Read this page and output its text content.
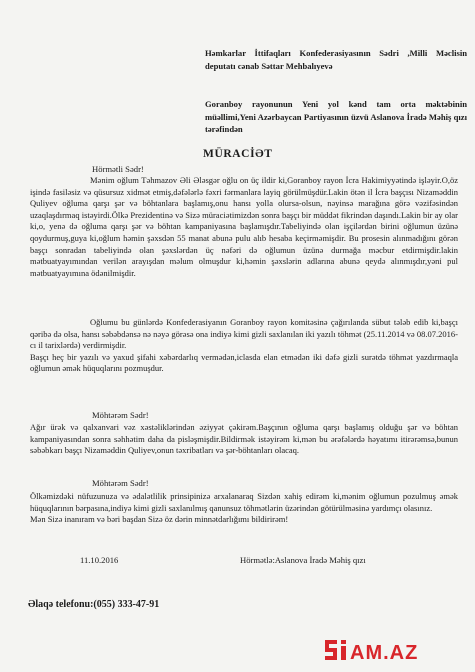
Həmkarlar İttifaqları Konfederasiyasının Sədri ,Milli Məclisin deputatı cənab Səttar Mehbalıyevə

Goranboy rayonunun Yeni yol kənd tam orta məktəbinin müəllimi,Yeni Azərbaycan Partiyasının üzvü Aslanova İradə Məhiş qızı tərəfindən

MÜRACİƏT
Hörmətli Sədr!

Mənim oğlum Təhmazov Əli Ələsgər oğlu on üç ildir ki,Goranboy rayon İcra Hakimiyyətində işləyir.O,öz işində fasiləsiz və qüsursuz xidmət etmiş,dəfələrlə fəxri fərmanlara layiq görülmüşdür.Lakin ötən il İcra başçısı Nizaməddin Quliyev oğluma qarşı şər və böhtanlara başlamış,onu hansı yolla olursa-olsun, nəyinsə marağına görə vəzifəsindən uzaqlaşdırmaq istəyirdi.Ölkə Prezidentinə və Sizə müraciətimizdən sonra başçı bir müddət fikrindən daşındı.Lakin bir ay olar ki,o, yenə də oğluma qarşı şər və böhtan kampaniyasına başlamışdır.Tabeliyində olan işçilərdən birini oğlumun üzünə qoydurmuş,guya ki,oğlum həmin şəxsdən 55 manat abunə pulu alıb hesaba keçirməmişdir. Bu prosesin alınmadığını görən başçı sonradan tabeliyində olan şəxslərdən üç nəfəri də oğlumun üzünə durmağa məcbur etdirmişdir.lakin mətbuatyayımından verilən arayışdan məlum olmuşdur ki,həmin şəxslərin adlarına abunə qeydə alınmışdır,yəni pul mətbuatyayımına ödənilmişdir.

Oğlumu bu günlərdə Konfederasiyanın Goranboy rayon komitəsinə çağırılanda sübut tələb edib ki,başçı qəribə də olsa, hansı səbəbdənsə nə nəyə görəsə ona indiyə kimi gizli saxlanılan iki yazılı töhmət (25.11.2014 və 08.07.2016-cı il tarixlərdə) verdirmişdir.
Başçı heç bir yazılı və yaxud şifahi xəbərdarlıq vermədən,iclasda elan etmədən iki dəfə gizli surətdə töhmət yazdırmaqla oğlumun əmək hüquqlarını pozmuşdur.

Möhtərəm Sədr!

Ağır ürək və qalxanvari vəz xəstəliklərindən əziyyət çəkirəm.Başçının oğluma qarşı başlamış olduğu şər və böhtan kampaniyasından sonra səhhətim daha da pisləşmişdir.Bildirmək istəyirəm ki,mən bu ərəfələrdə həyatımı itirərəmsə,bunun səbəbkarı başçı Nizaməddin Quliyev,onun təxribatları və şər-böhtanları olacaq.

Möhtərəm Sədr!

Ölkəmizdəki nüfuzunuza və ədalətlilik prinsipinizə arxalanaraq Sizdən xahiş edirəm ki,mənim oğlumun pozulmuş əmək hüquqlarının bərpasına,indiyə kimi gizli saxlanılmış qanunsuz töhmətlərin üzərindən götürülməsinə yardımçı olasınız.
Mən Sizə inanıram və bəri başdan Sizə öz dərin minnətdarlığımı bildirirəm!

11.10.2016	Hörmətlə:Aslanova İradə Məhiş qızı
Əlaqə telefonu:(055) 333-47-91
AM.AZ
